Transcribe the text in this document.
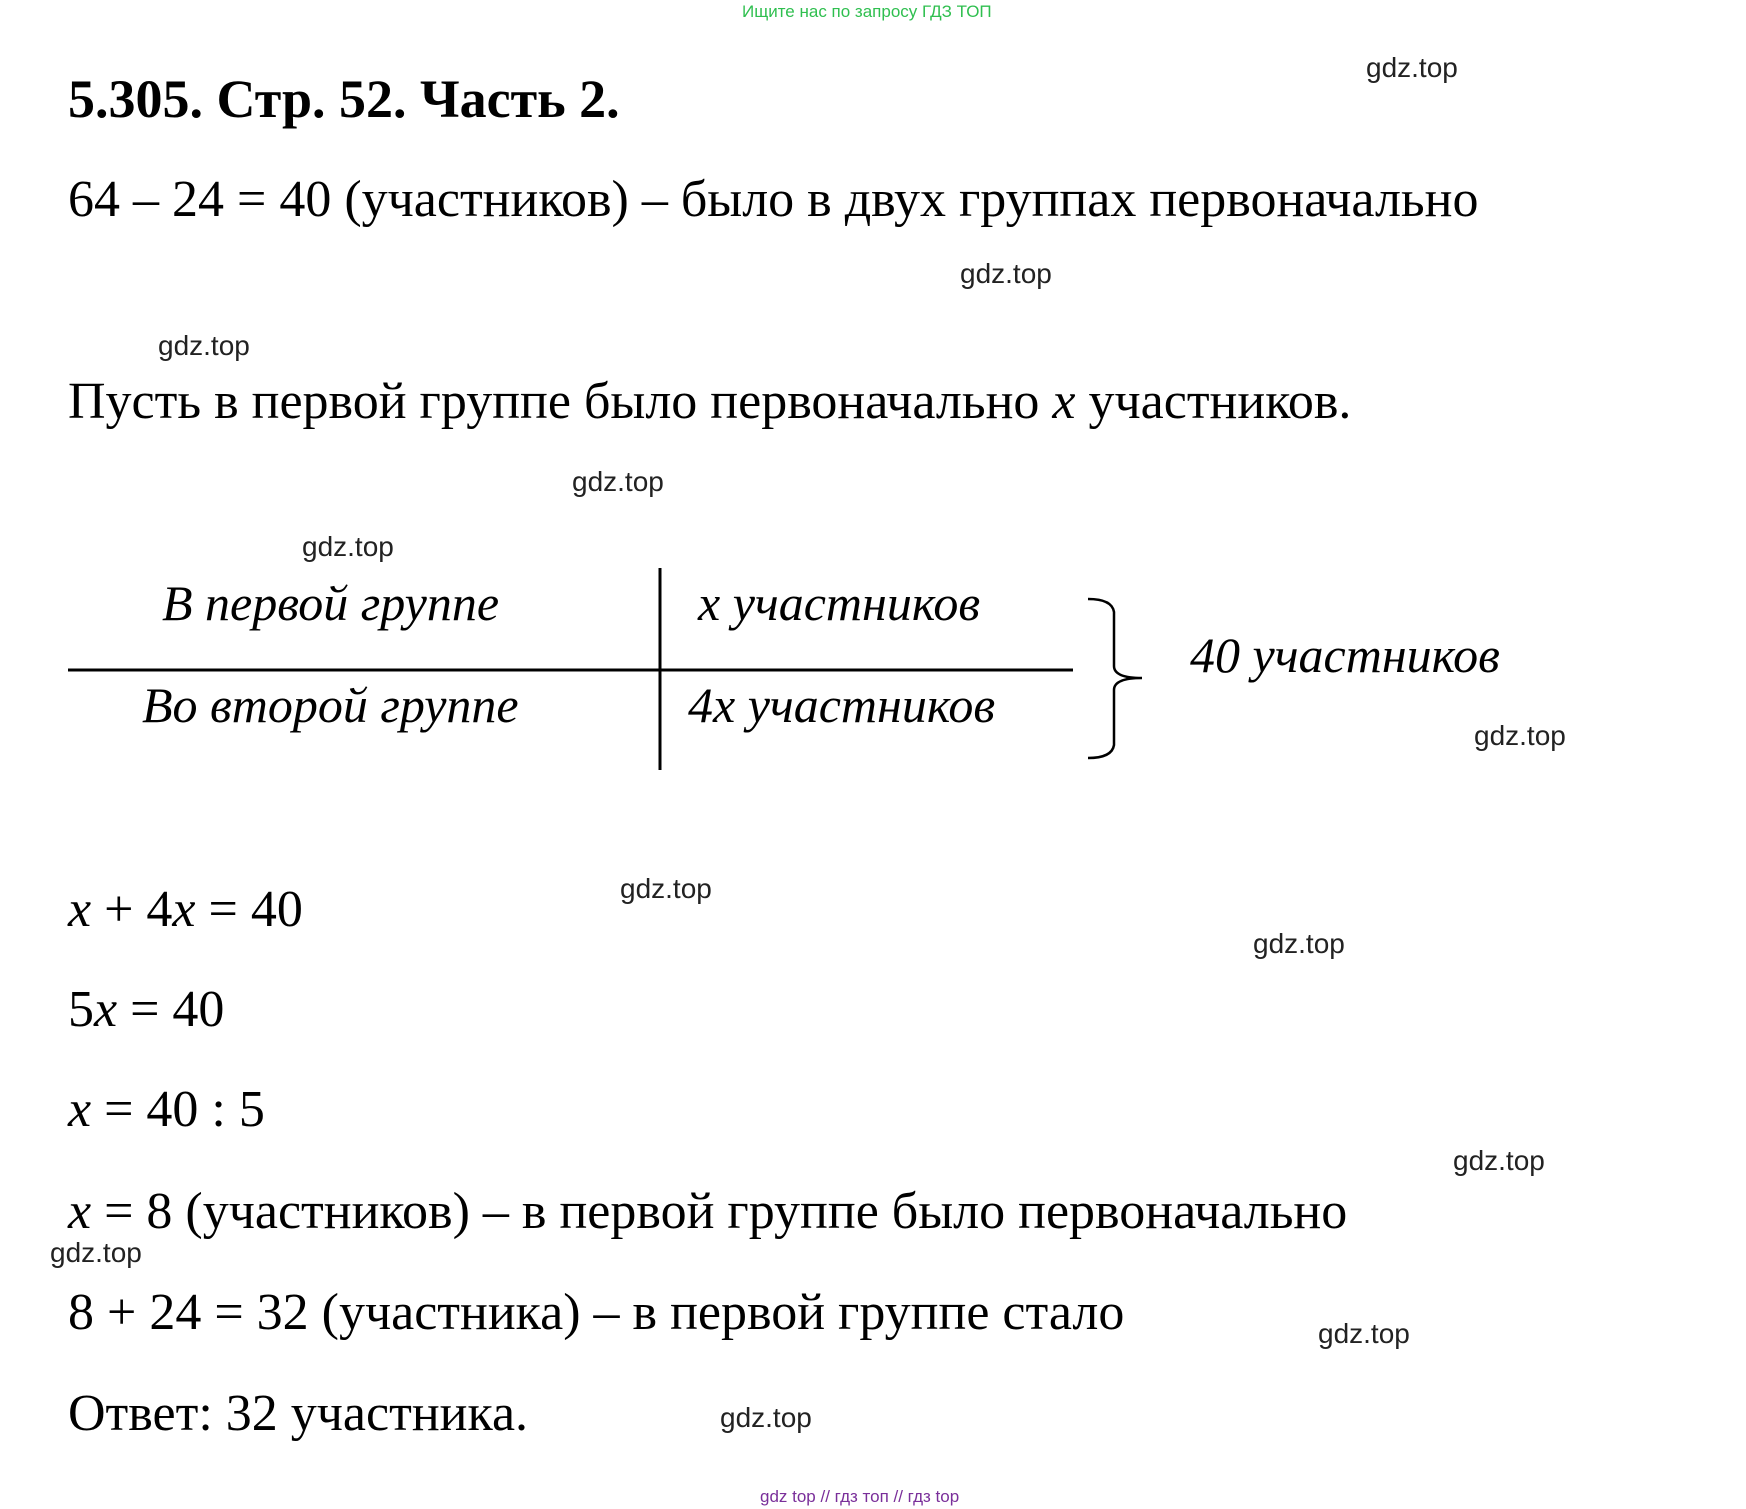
Ищите нас по запросу ГДЗ ТОП
5.305. Стр. 52. Часть 2.
64 – 24 = 40 (участников) – было в двух группах первоначально
Пусть в первой группе было первоначально x участников.
В первой группе	x участников
Во второй группе	4x участников
40 участников
x + 4x = 40
5x = 40
x = 40 : 5
x = 8 (участников) – в первой группе было первоначально
8 + 24 = 32 (участника) – в первой группе стало
Ответ: 32 участника.
gdz.top
gdz.top
gdz.top
gdz.top
gdz.top
gdz.top
gdz.top
gdz.top
gdz.top
gdz.top
gdz.top
gdz.top
gdz top // гдз топ // гдз top
